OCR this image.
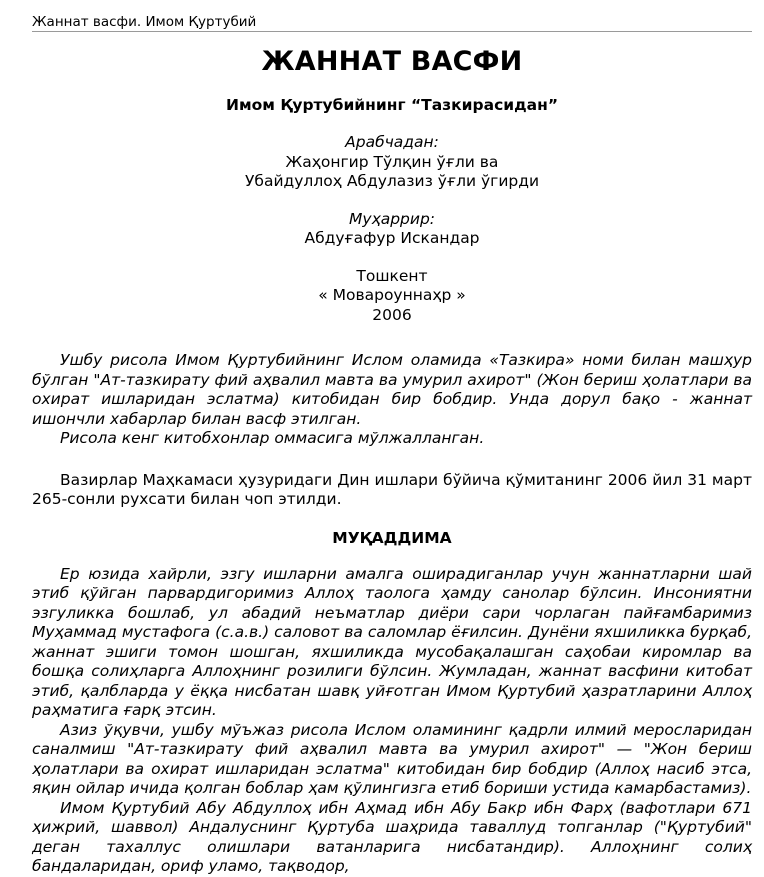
Жаннат васфи. Имом Қуртубий
ЖАННАТ ВАСФИ
Имом Қуртубийнинг “Тазкирасидан”
Арабчадан:
Жаҳонгир Тўлқин ўғли ва
Убайдуллоҳ Абдулазиз ўғли ўгирди
Муҳаррир:
Абдуғафур Искандар
Тошкент
« Мовароуннаҳр »
2006

Ушбу рисола Имом Қуртубийнинг Ислом оламида «Тазкира» номи билан машҳур бўлган "Ат-тазкирату фий аҳвалил мавта ва умурил ахирот" (Жон бериш ҳолатлари ва охират ишларидан эслатма) китобидан бир бобдир. Унда дорул бақо - жаннат ишончли хабарлар билан васф этилган.

Рисола кенг китобхонлар оммасига мўлжалланган.

Вазирлар Маҳкамаси ҳузуридаги Дин ишлари бўйича қўмитанинг 2006 йил 31 март 265-сонли рухсати билан чоп этилди.

МУҚАДДИМА

Ер юзида хайрли, эзгу ишларни амалга оширадиганлар учун жаннатларни шай этиб қўйган парвардигоримиз Аллоҳ таолога ҳамду санолар бўлсин. Инсониятни эзгуликка бошлаб, ул абадий неъматлар диёри сари чорлаган пайғамбаримиз Муҳаммад мустафога (с.а.в.) саловот ва саломлар ёғилсин. Дунёни яхшиликка бурқаб, жаннат эшиги томон шошган, яхшиликда мусобақалашган саҳобаи киромлар ва бошқа солиҳларга Аллоҳнинг розилиги бўлсин. Жумладан, жаннат васфини китобат этиб, қалбларда у ёққа нисбатан шавқ уйғотган Имом Қуртубий ҳазратларини Аллоҳ раҳматига ғарқ этсин.

Азиз ўқувчи, ушбу мўъжаз рисола Ислом оламининг қадрли илмий мероcларидан саналмиш "Ат-тазкирату фий аҳвалил мавта ва умурил ахирот" — "Жон бериш ҳолатлари ва охират ишларидан эслатма" китобидан бир бобдир (Аллоҳ насиб этса, яқин ойлар ичида қолган боблар ҳам қўлингизга етиб бориши устида камарбастамиз).

Имом Қуртубий Абу Абдуллоҳ ибн Аҳмад ибн Абу Бакр ибн Фарҳ (вафотлари 671 ҳижрий, шаввол) Андалуснинг Қуртуба шаҳрида таваллуд топганлар ("Қуртубий" деган тахаллус олишлари ватанларига нисбатандир). Аллоҳнинг солиҳ бандаларидан, ориф уламо, тақводор,
